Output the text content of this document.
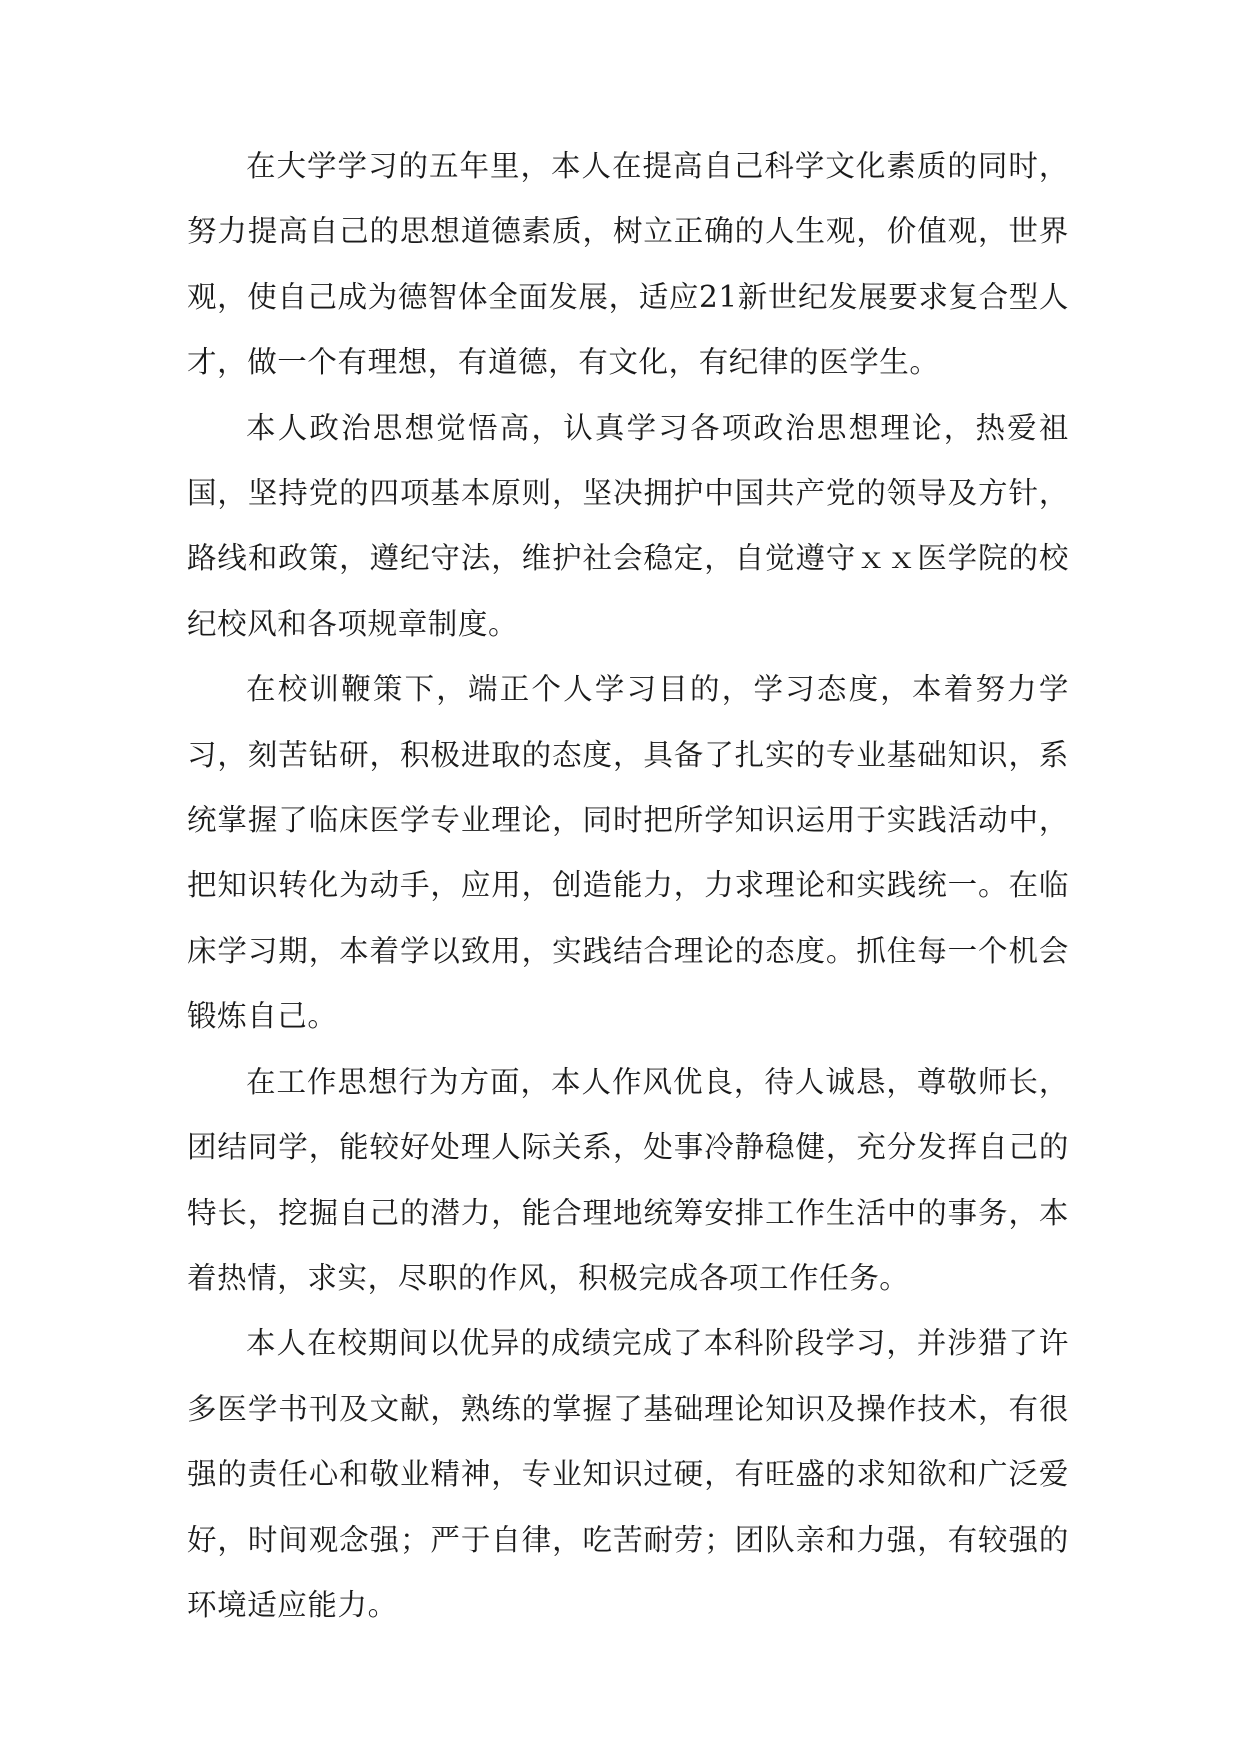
在大学学习的五年里，本人在提高自己科学文化素质的同时，努力提高自己的思想道德素质，树立正确的人生观，价值观，世界观，使自己成为德智体全面发展，适应21新世纪发展要求复合型人才，做一个有理想，有道德，有文化，有纪律的医学生。

本人政治思想觉悟高，认真学习各项政治思想理论，热爱祖国，坚持党的四项基本原则，坚决拥护中国共产党的领导及方针，路线和政策，遵纪守法，维护社会稳定，自觉遵守ｘｘ医学院的校纪校风和各项规章制度。

在校训鞭策下，端正个人学习目的，学习态度，本着努力学习，刻苦钻研，积极进取的态度，具备了扎实的专业基础知识，系统掌握了临床医学专业理论，同时把所学知识运用于实践活动中，把知识转化为动手，应用，创造能力，力求理论和实践统一。在临床学习期，本着学以致用，实践结合理论的态度。抓住每一个机会锻炼自己。

在工作思想行为方面，本人作风优良，待人诚恳，尊敬师长，团结同学，能较好处理人际关系，处事冷静稳健，充分发挥自己的特长，挖掘自己的潜力，能合理地统筹安排工作生活中的事务，本着热情，求实，尽职的作风，积极完成各项工作任务。

本人在校期间以优异的成绩完成了本科阶段学习，并涉猎了许多医学书刊及文献，熟练的掌握了基础理论知识及操作技术，有很强的责任心和敬业精神，专业知识过硬，有旺盛的求知欲和广泛爱好，时间观念强；严于自律，吃苦耐劳；团队亲和力强，有较强的环境适应能力。
